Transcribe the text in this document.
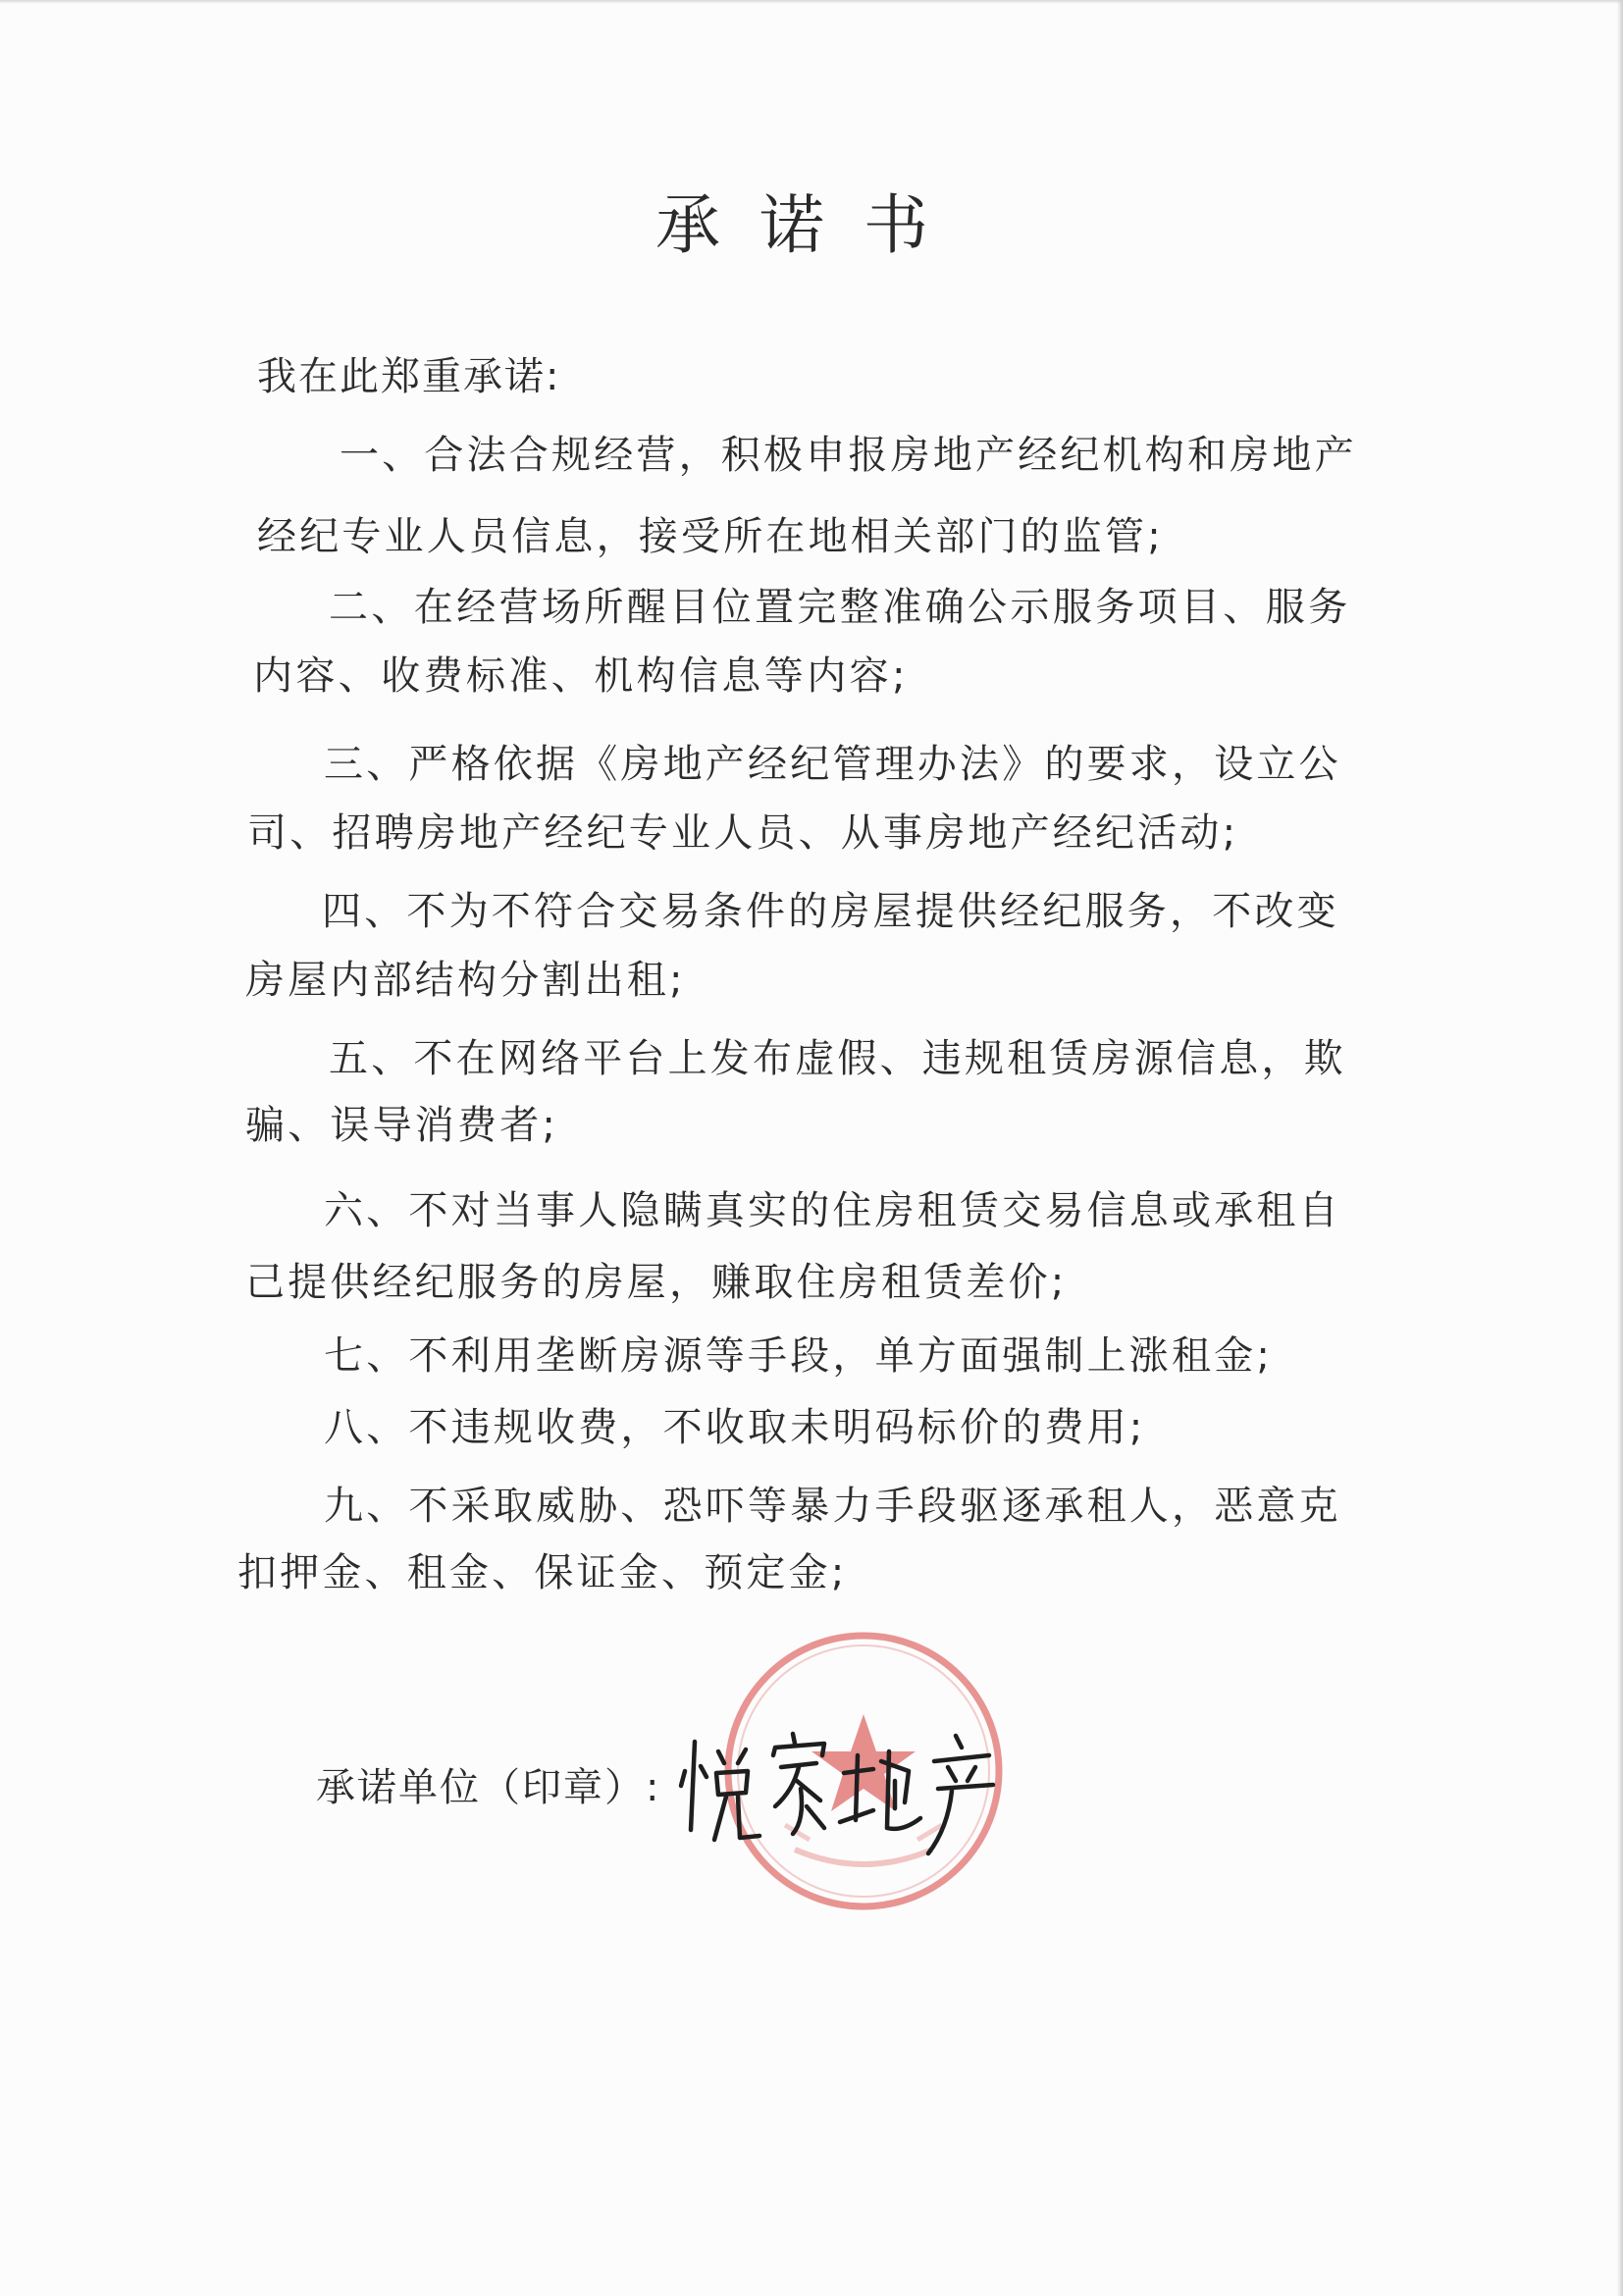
承诺书
我在此郑重承诺:
一、合法合规经营，积极申报房地产经纪机构和房地产
经纪专业人员信息，接受所在地相关部门的监管;
二、在经营场所醒目位置完整准确公示服务项目、服务
内容、收费标准、机构信息等内容;
三、严格依据《房地产经纪管理办法》的要求，设立公
司、招聘房地产经纪专业人员、从事房地产经纪活动;
四、不为不符合交易条件的房屋提供经纪服务，不改变
房屋内部结构分割出租;
五、不在网络平台上发布虚假、违规租赁房源信息，欺
骗、误导消费者;
六、不对当事人隐瞒真实的住房租赁交易信息或承租自
己提供经纪服务的房屋，赚取住房租赁差价;
七、不利用垄断房源等手段，单方面强制上涨租金;
八、不违规收费，不收取未明码标价的费用;
九、不采取威胁、恐吓等暴力手段驱逐承租人，恶意克
扣押金、租金、保证金、预定金;
承诺单位（印章）:
